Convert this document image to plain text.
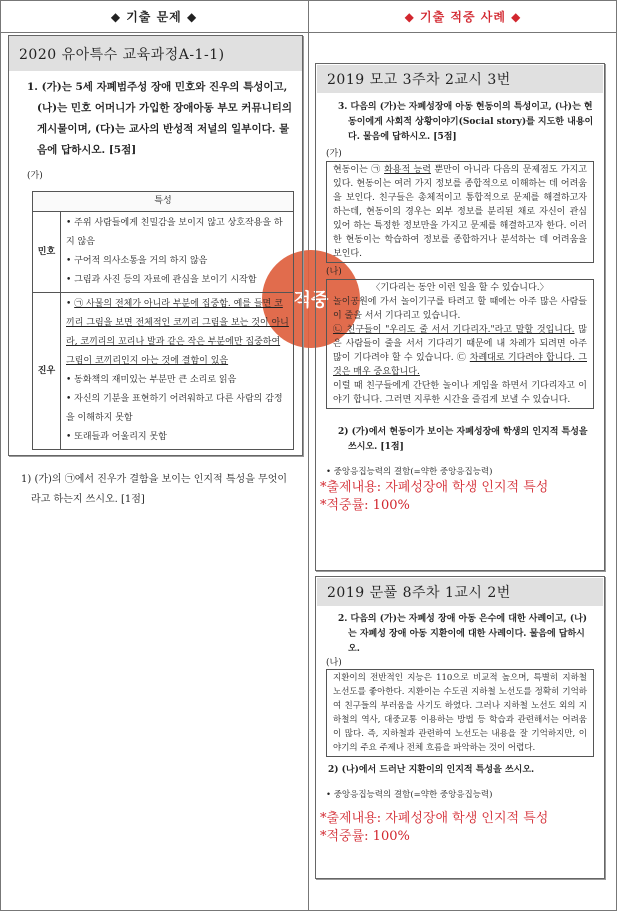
◆ 기출 문제 ◆	◆ 기출 적중 사례 ◆
적중
2020 유아특수 교육과정A-1-1)
1. (가)는 5세 자폐범주성 장애 민호와 진우의 특성이고, (나)는 민호 어머니가 가입한 장애아동 부모 커뮤니티의 게시물이며, (다)는 교사의 반성적 저널의 일부이다. 물음에 답하시오. [5점]
(가)
특성	
민호	• 주위 사람들에게 친밀감을 보이지 않고 상호작용을 하지 않음
• 구어적 의사소통을 거의 하지 않음
• 그림과 사진 등의 자료에 관심을 보이기 시작함

진우	• ㉠ 사물의 전체가 아니라 부분에 집중함. 예를 들면 코끼리 그림을 보면 전체적인 코끼리 그림을 보는 것이 아니라, 코끼리의 꼬리나 발과 같은 작은 부분에만 집중하여 그림이 코끼리인지 아는 것에 결함이 있음
• 동화책의 재미있는 부분만 큰 소리로 읽음
• 자신의 기분을 표현하기 어려워하고 다른 사람의 감정을 이해하지 못함
• 또래들과 어울리지 못함
1) (가)의 ㉠에서 진우가 결함을 보이는 인지적 특성을 무엇이라고 하는지 쓰시오. [1점]
2019 모고 3주차 2교시 3번
3. 다음의 (가)는 자폐성장애 아동 현동이의 특성이고, (나)는 현동이에게 사회적 상황이야기(Social story)를 지도한 내용이다. 물음에 답하시오. [5점]
(가)
현동이는 ㉠ 화용적 능력 뿐만이 아니라 다음의 문제점도 가지고 있다. 현동이는 여러 가지 정보를 종합적으로 이해하는 데 어려움을 보인다. 친구들은 총체적이고 통합적으로 문제를 해결하고자 하는데, 현동이의 경우는 외부 정보를 분리된 채로 자신이 관심 있어 하는 특정한 정보만을 가지고 문제를 해결하고자 한다. 이러한 현동이는 학습하여 정보를 종합하거나 분석하는 데 어려움을 보인다.
(나)
〈기다리는 동안 이런 일을 할 수 있습니다.〉
놀이공원에 가서 놀이기구를 타려고 할 때에는 아주 많은 사람들이 줄을 서서 기다리고 있습니다.
㉡ 친구들이 "우리도 줄 서서 기다리자."라고 말할 것입니다. 많은 사람들이 줄을 서서 기다리기 때문에 내 차례가 되려면 아주 많이 기다려야 할 수 있습니다. ㉢ 차례대로 기다려야 합니다. 그것은 매우 중요합니다.
이럴 때 친구들에게 간단한 놀이나 게임을 하면서 기다리자고 이야기 합니다. 그러면 지루한 시간을 즐겁게 보낼 수 있습니다.
2) (가)에서 현동이가 보이는 자폐성장애 학생의 인지적 특성을 쓰시오. [1점]
• 중앙응집능력의 결함(=약한 중앙응집능력)
*출제내용: 자폐성장애 학생 인지적 특성
*적중률: 100%
2019 문풀 8주차 1교시 2번
2. 다음의 (가)는 자폐성 장애 아동 은수에 대한 사례이고, (나)는 자폐성 장애 아동 지환이에 대한 사례이다. 물음에 답하시오.
(나)
지환이의 전반적인 지능은 110으로 비교적 높으며, 특별히 지하철 노선도를 좋아한다. 지환이는 수도권 지하철 노선도를 정확히 기억하여 친구들의 부러움을 사기도 하였다. 그러나 지하철 노선도 외의 지하철의 역사, 대중교통 이용하는 방법 등 학습과 관련해서는 어려움이 많다. 즉, 지하철과 관련하여 노선도는 내용을 잘 기억하지만, 이야기의 주요 주제나 전체 흐름을 파악하는 것이 어렵다.
2) (나)에서 드러난 지환이의 인지적 특성을 쓰시오.
• 중앙응집능력의 결함(=약한 중앙응집능력)
*출제내용: 자폐성장애 학생 인지적 특성
*적중률: 100%
